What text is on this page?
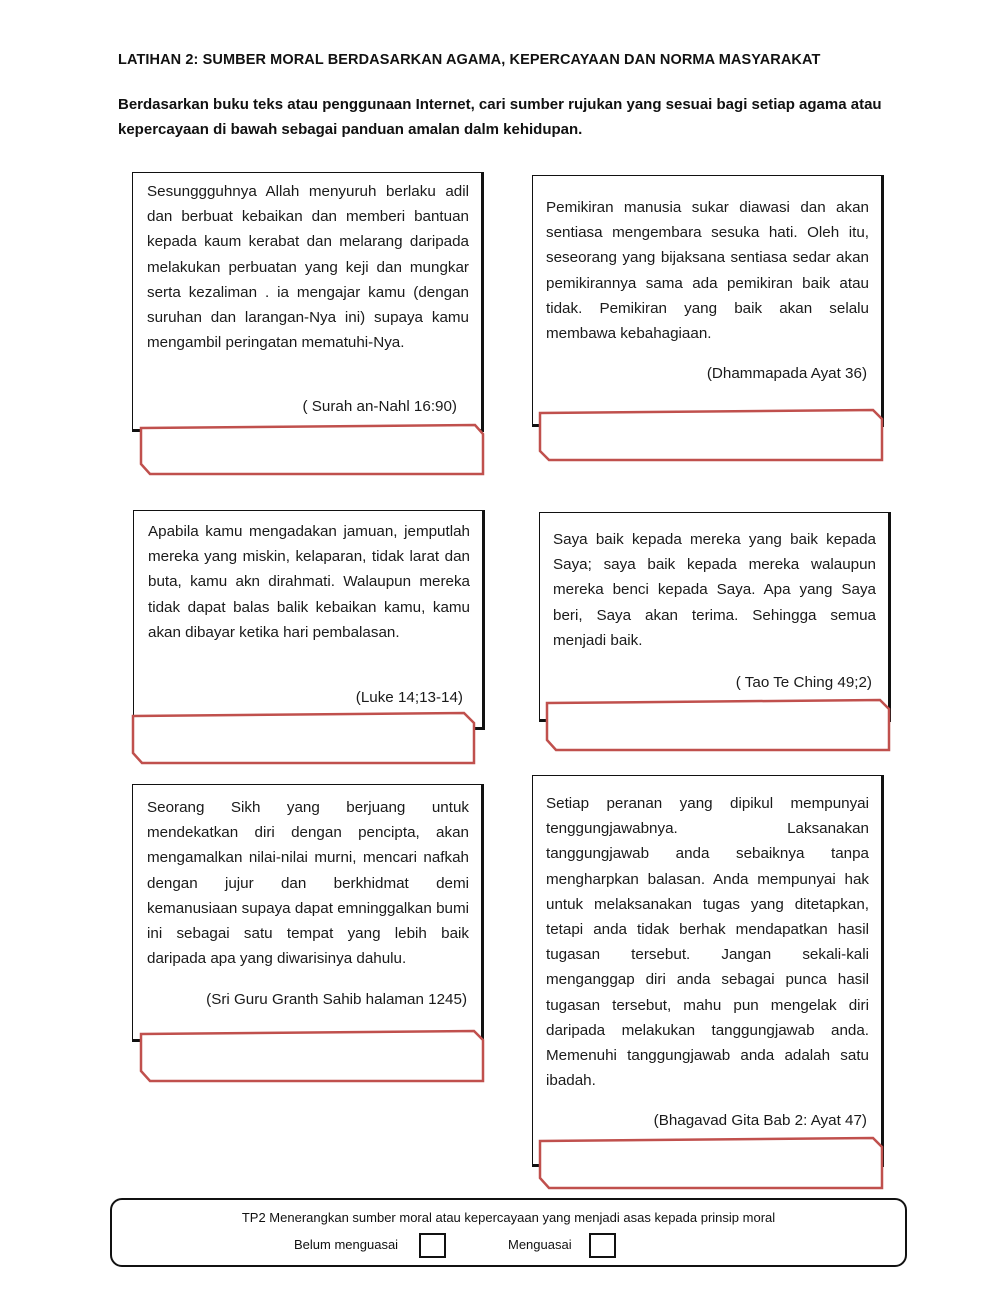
LATIHAN 2: SUMBER MORAL BERDASARKAN AGAMA, KEPERCAYAAN DAN NORMA MASYARAKAT
Berdasarkan buku teks atau penggunaan Internet, cari sumber rujukan yang sesuai bagi setiap agama atau kepercayaan di bawah sebagai panduan amalan dalm kehidupan.
Sesunggguhnya Allah menyuruh berlaku adil dan berbuat kebaikan dan memberi bantuan kepada kaum kerabat dan melarang daripada melakukan perbuatan yang keji dan mungkar serta kezaliman . ia mengajar kamu (dengan suruhan dan larangan-Nya ini) supaya kamu mengambil peringatan mematuhi-Nya.
( Surah an-Nahl 16:90)
Pemikiran manusia sukar diawasi dan akan sentiasa mengembara sesuka hati. Oleh itu, seseorang yang bijaksana sentiasa sedar akan pemikirannya sama ada pemikiran baik atau tidak. Pemikiran yang baik akan selalu membawa kebahagiaan.
(Dhammapada Ayat 36)
Apabila kamu mengadakan jamuan, jemputlah mereka yang miskin, kelaparan, tidak larat dan buta, kamu akn dirahmati. Walaupun mereka tidak dapat balas balik kebaikan kamu, kamu akan dibayar ketika hari pembalasan.
(Luke 14;13-14)
Saya baik kepada mereka yang baik kepada Saya; saya baik kepada mereka walaupun mereka benci kepada Saya. Apa yang Saya beri, Saya akan terima. Sehingga semua menjadi baik.
( Tao Te Ching 49;2)
Seorang Sikh yang berjuang untuk mendekatkan diri dengan pencipta, akan mengamalkan nilai-nilai murni, mencari nafkah dengan jujur dan berkhidmat demi kemanusiaan supaya dapat emninggalkan bumi ini sebagai satu tempat yang lebih baik daripada apa yang diwarisinya dahulu.
(Sri Guru Granth Sahib halaman 1245)
Setiap peranan yang dipikul mempunyai tenggungjawabnya. Laksanakan tanggungjawab anda sebaiknya tanpa mengharpkan balasan. Anda mempunyai hak untuk melaksanakan tugas yang ditetapkan, tetapi anda tidak berhak mendapatkan hasil tugasan tersebut. Jangan sekali-kali menganggap diri anda sebagai punca hasil tugasan tersebut, mahu pun mengelak diri daripada melakukan tanggungjawab anda. Memenuhi tanggungjawab anda adalah satu ibadah.
(Bhagavad Gita Bab 2: Ayat 47)
TP2 Menerangkan sumber moral atau kepercayaan yang menjadi asas kepada prinsip moral
Belum menguasai	Menguasai
